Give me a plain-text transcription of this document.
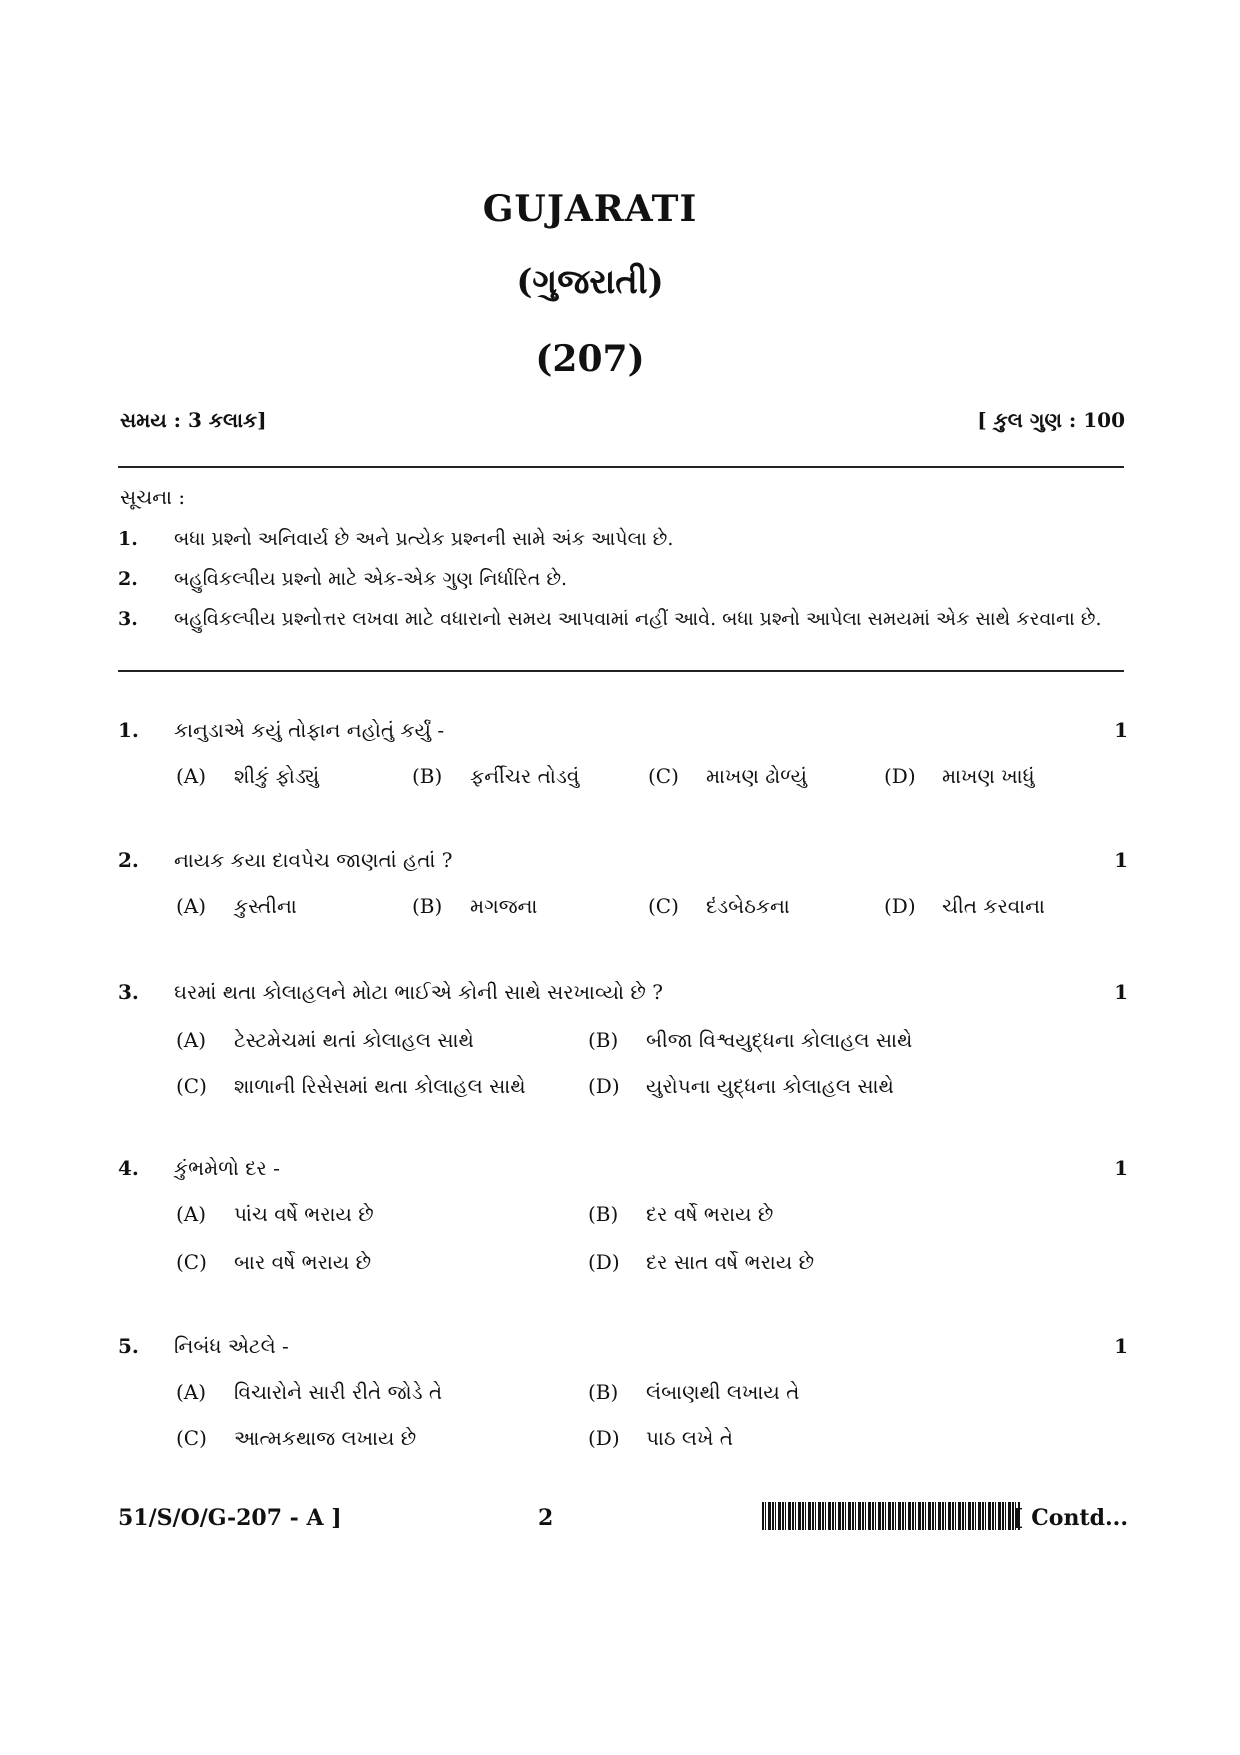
GUJARATI
(ગુજરાતી)
(207)
સમય : 3 કલાક]	[ કુલ ગુણ : 100
સૂચના :
1. બધા પ્રશ્નો અનિવાર્ય છે અને પ્રત્યેક પ્રશ્નની સામે અંક આપેલા છે.
2. બહુવિકલ્પીય પ્રશ્નો માટે એક-એક ગુણ નિર્ધારિત છે.
3. બહુવિકલ્પીય પ્રશ્નોત્તર લખવા માટે વધારાનો સમય આપવામાં નહીં આવે. બધા પ્રશ્નો આપેલા સમયમાં એક સાથે કરવાના છે.
1. કાનુડાએ કયું તોફાન નહોતું કર્યું -	1
(A) શીકું ફોડ્યું	(B) ફર્નીચર તોડવું	(C) માખણ ઢોળ્યું	(D) માખણ ખાધું
2. નાયક કયા દાવપેચ જાણતાં હતાં ?	1
(A) કુસ્તીના	(B) મગજના	(C) દંડબેઠકના	(D) ચીત કરવાના
3. ઘરમાં થતા કોલાહલને મોટા ભાઈએ કોની સાથે સરખાવ્યો છે ?	1
(A) ટેસ્ટમેચમાં થતાં કોલાહલ સાથે	(B) બીજા વિશ્વયુદ્ધના કોલાહલ સાથે
(C) શાળાની રિસેસમાં થતા કોલાહલ સાથે	(D) યુરોપના યુદ્ધના કોલાહલ સાથે
4. કુંભમેળો દર -	1
(A) પાંચ વર્ષે ભરાય છે	(B) દર વર્ષે ભરાય છે
(C) બાર વર્ષે ભરાય છે	(D) દર સાત વર્ષે ભરાય છે
5. નિબંધ એટલે -	1
(A) વિચારોને સારી રીતે જોડે તે	(B) લંબાણથી લખાય તે
(C) આત્મકથાજ લખાય છે	(D) પાઠ લખે તે
51/S/O/G-207 - A ]	2	[ Contd...
